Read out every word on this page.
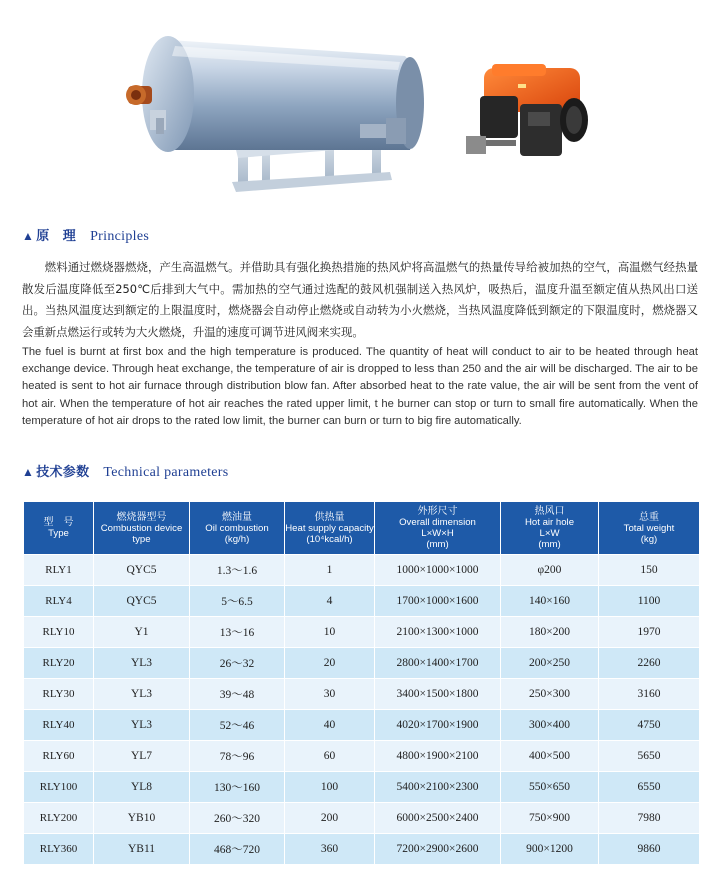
▲ 原　理 Principles
燃料通过燃烧器燃烧，产生高温燃气。并借助具有强化换热措施的热风炉将高温燃气的热量传导给被加热的空气，高温燃气经热量散发后温度降低至250℃后排到大气中。需加热的空气通过选配的鼓风机强制送入热风炉，吸热后，温度升温至额定值从热风出口送出。当热风温度达到额定的上限温度时，燃烧器会自动停止燃烧或自动转为小火燃烧，当热风温度降低到额定的下限温度时，燃烧器又会重新点燃运行或转为大火燃烧，升温的速度可调节进风阀来实现。
The fuel is burnt at first box and the high temperature is produced. The quantity of heat will conduct to air to be heated through heat exchange device. Through heat exchange, the temperature of air is dropped to less than 250 and the air will be discharged. The air to be heated is sent to hot air furnace through distribution blow fan. After absorbed heat to the rate value, the air will be sent from the vent of hot air. When the temperature of hot air reaches the rated upper limit, t he burner can stop or turn to small fire automatically. When the temperature of hot air drops to the rated low limit, the burner can burn or turn to big fire automatically.
▲ 技术参数 Technical parameters
型　号
Type	燃烧器型号
Combustion device type	燃油量
Oil combustion
(kg/h)	供热量
Heat supply capacity
(10⁴kcal/h)	外形尺寸
Overall dimension
L×W×H
(mm)	热风口
Hot air hole
L×W
(mm)	总重
Total weight
(kg)

RLY1	QYC5	1.3～1.6	1	1000×1000×1000	φ200	150
RLY4	QYC5	5～6.5	4	1700×1000×1600	140×160	1100
RLY10	Y1	13～16	10	2100×1300×1000	180×200	1970
RLY20	YL3	26～32	20	2800×1400×1700	200×250	2260
RLY30	YL3	39～48	30	3400×1500×1800	250×300	3160
RLY40	YL3	52～46	40	4020×1700×1900	300×400	4750
RLY60	YL7	78～96	60	4800×1900×2100	400×500	5650
RLY100	YL8	130～160	100	5400×2100×2300	550×650	6550
RLY200	YB10	260～320	200	6000×2500×2400	750×900	7980
RLY360	YB11	468～720	360	7200×2900×2600	900×1200	9860
